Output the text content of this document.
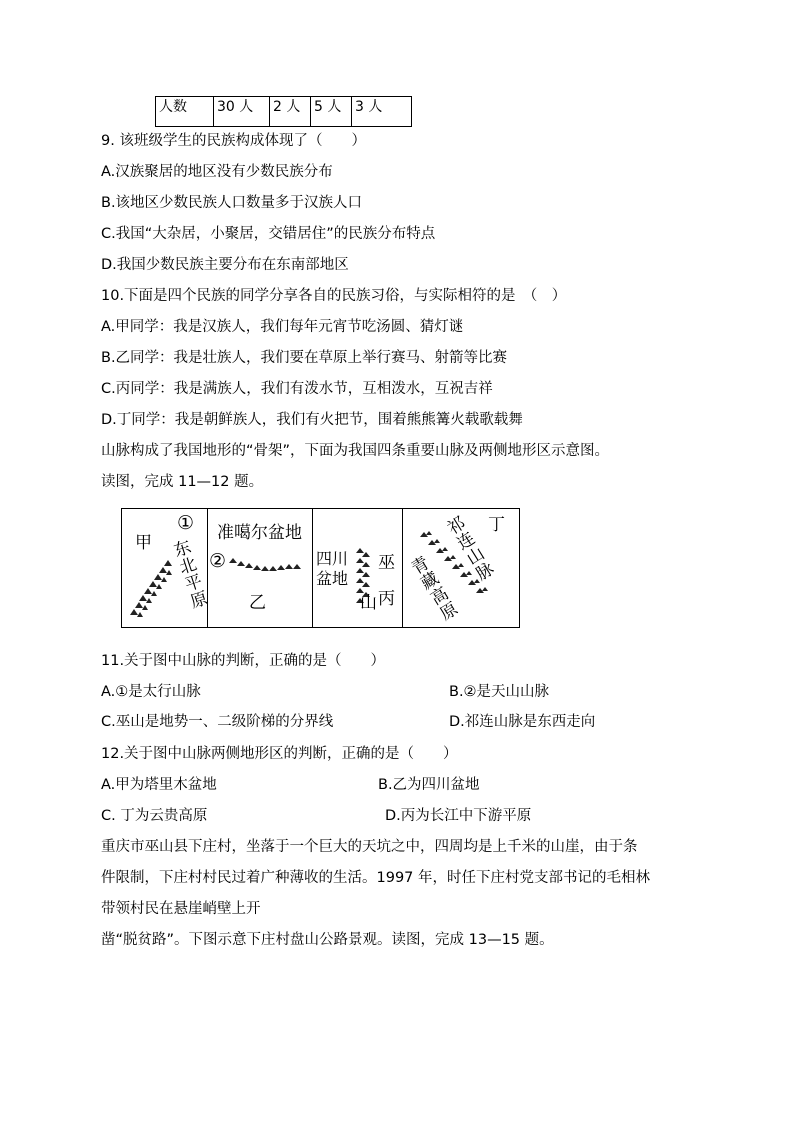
人数	30 人	2 人	5 人	3 人
9. 该班级学生的民族构成体现了（　　）
A.汉族聚居的地区没有少数民族分布
B.该地区少数民族人口数量多于汉族人口
C.我国“大杂居，小聚居，交错居住”的民族分布特点
D.我国少数民族主要分布在东南部地区
10.下面是四个民族的同学分享各自的民族习俗，与实际相符的是　（　）
A.甲同学：我是汉族人，我们每年元宵节吃汤圆、猜灯谜
B.乙同学：我是壮族人，我们要在草原上举行赛马、射箭等比赛
C.丙同学：我是满族人，我们有泼水节，互相泼水，互祝吉祥
D.丁同学：我是朝鲜族人，我们有火把节，围着熊熊篝火载歌载舞
山脉构成了我国地形的“骨架”，下面为我国四条重要山脉及两侧地形区示意图。
读图，完成 11—12 题。
甲
①
东北平原
准噶尔盆地
②
乙
四川
盆地
巫
山 丙
丁
祁连山脉
青藏高原
11.关于图中山脉的判断，正确的是（　　）
A.①是太行山脉	B.②是天山山脉
C.巫山是地势一、二级阶梯的分界线	D.祁连山脉是东西走向
12.关于图中山脉两侧地形区的判断，正确的是（　　）
A.甲为塔里木盆地	B.乙为四川盆地
C. 丁为云贵高原	D.丙为长江中下游平原
重庆市巫山县下庄村，坐落于一个巨大的天坑之中，四周均是上千米的山崖，由于条
件限制，下庄村村民过着广种薄收的生活。1997 年，时任下庄村党支部书记的毛相林
带领村民在悬崖峭壁上开
凿“脱贫路”。下图示意下庄村盘山公路景观。读图，完成 13—15 题。
